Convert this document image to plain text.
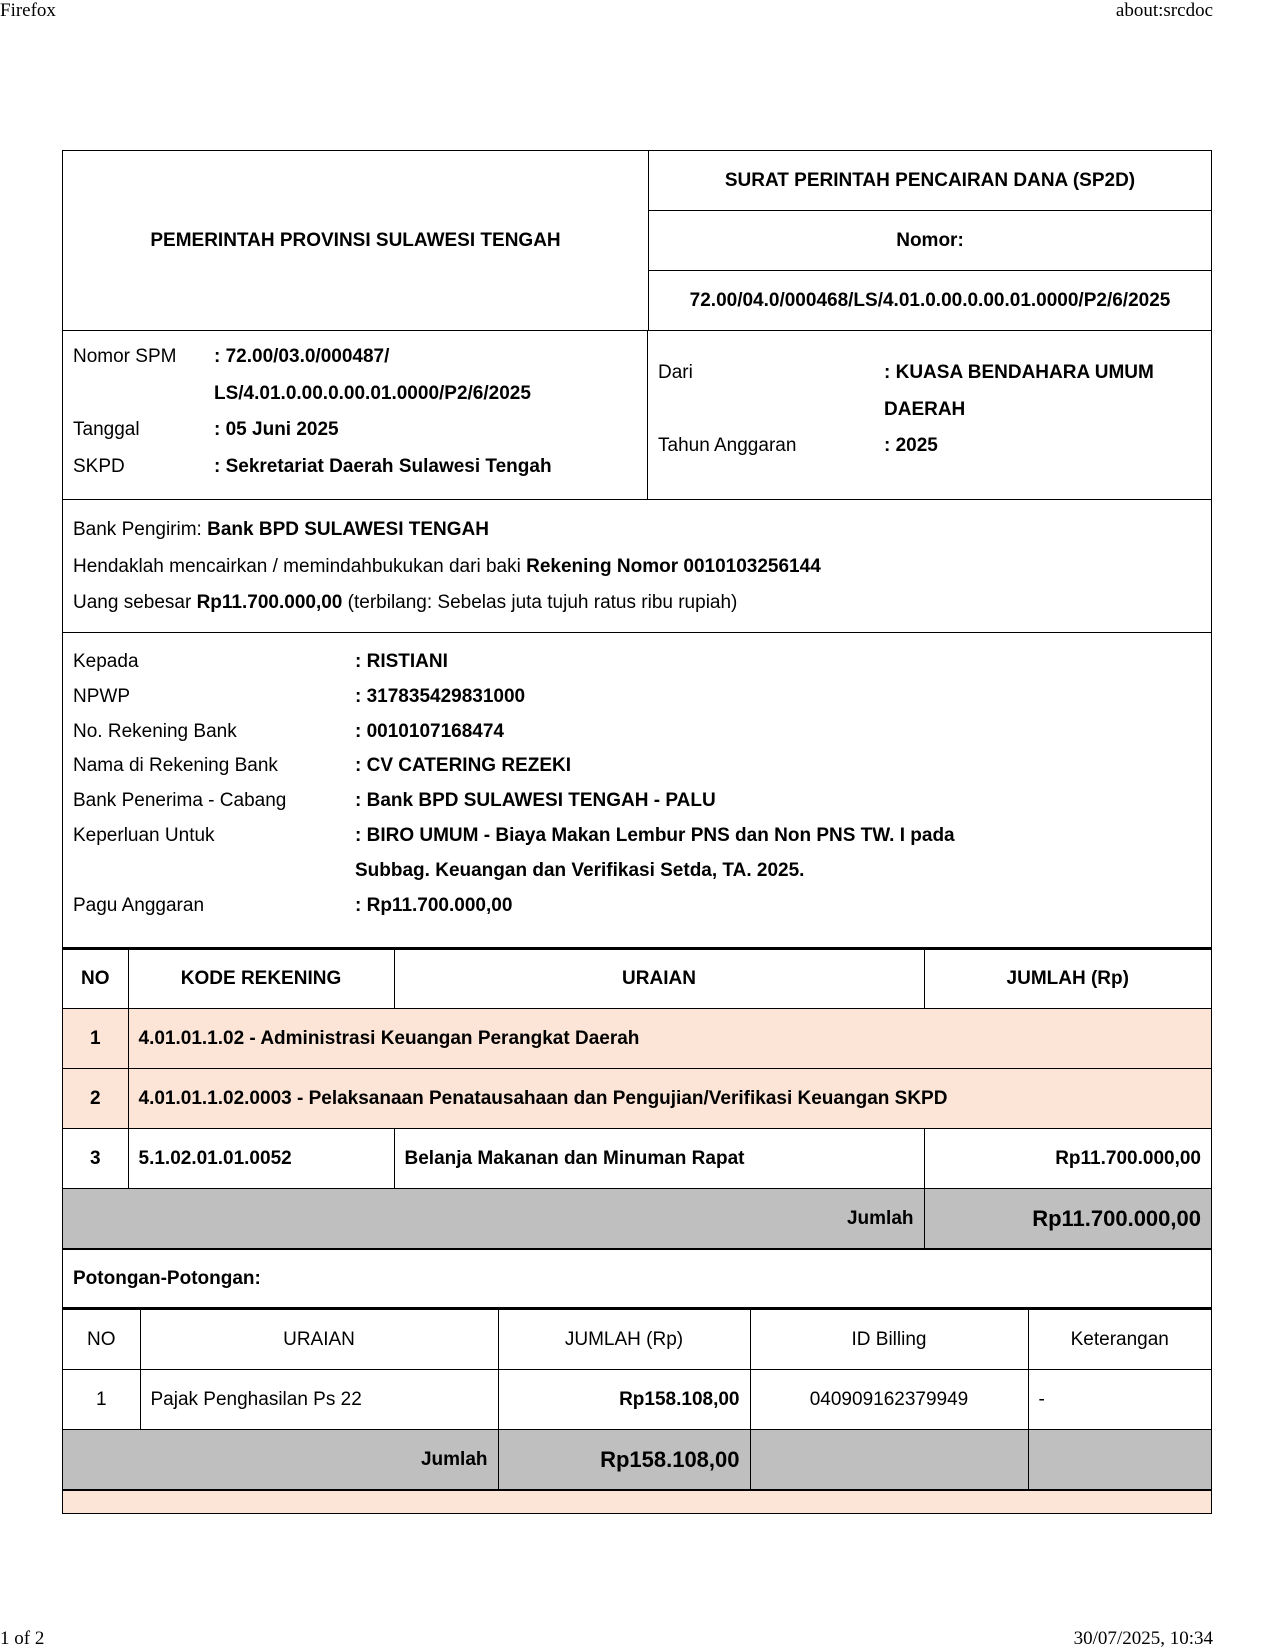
Firefox	about:srcdoc
PEMERINTAH PROVINSI SULAWESI TENGAH
SURAT PERINTAH PENCAIRAN DANA (SP2D)
Nomor:
72.00/04.0/000468/LS/4.01.0.00.0.00.01.0000/P2/6/2025
Nomor SPM	: 72.00/03.0/000487/
LS/4.01.0.00.0.00.01.0000/P2/6/2025
Tanggal	: 05 Juni 2025
SKPD	: Sekretariat Daerah Sulawesi Tengah
Dari	: KUASA BENDAHARA UMUM
DAERAH
Tahun Anggaran	: 2025
Bank Pengirim: Bank BPD SULAWESI TENGAH
Hendaklah mencairkan / memindahbukukan dari baki Rekening Nomor 0010103256144
Uang sebesar Rp11.700.000,00 (terbilang: Sebelas juta tujuh ratus ribu rupiah)
Kepada	: RISTIANI
NPWP	: 317835429831000
No. Rekening Bank	: 0010107168474
Nama di Rekening Bank	: CV CATERING REZEKI
Bank Penerima - Cabang	: Bank BPD SULAWESI TENGAH - PALU
Keperluan Untuk	: BIRO UMUM - Biaya Makan Lembur PNS dan Non PNS TW. I pada
Subbag. Keuangan dan Verifikasi Setda, TA. 2025.
Pagu Anggaran	: Rp11.700.000,00
NO	KODE REKENING	URAIAN	JUMLAH (Rp)
1	4.01.01.1.02 - Administrasi Keuangan Perangkat Daerah		
2	4.01.01.1.02.0003 - Pelaksanaan Penatausahaan dan Pengujian/Verifikasi Keuangan SKPD		
3	5.1.02.01.01.0052	Belanja Makanan dan Minuman Rapat	Rp11.700.000,00
Jumlah			Rp11.700.000,00
Potongan-Potongan:
NO	URAIAN	JUMLAH (Rp)	ID Billing	Keterangan
1	Pajak Penghasilan Ps 22	Rp158.108,00	040909162379949	-
Jumlah		Rp158.108,00		
1 of 2	30/07/2025, 10:34
